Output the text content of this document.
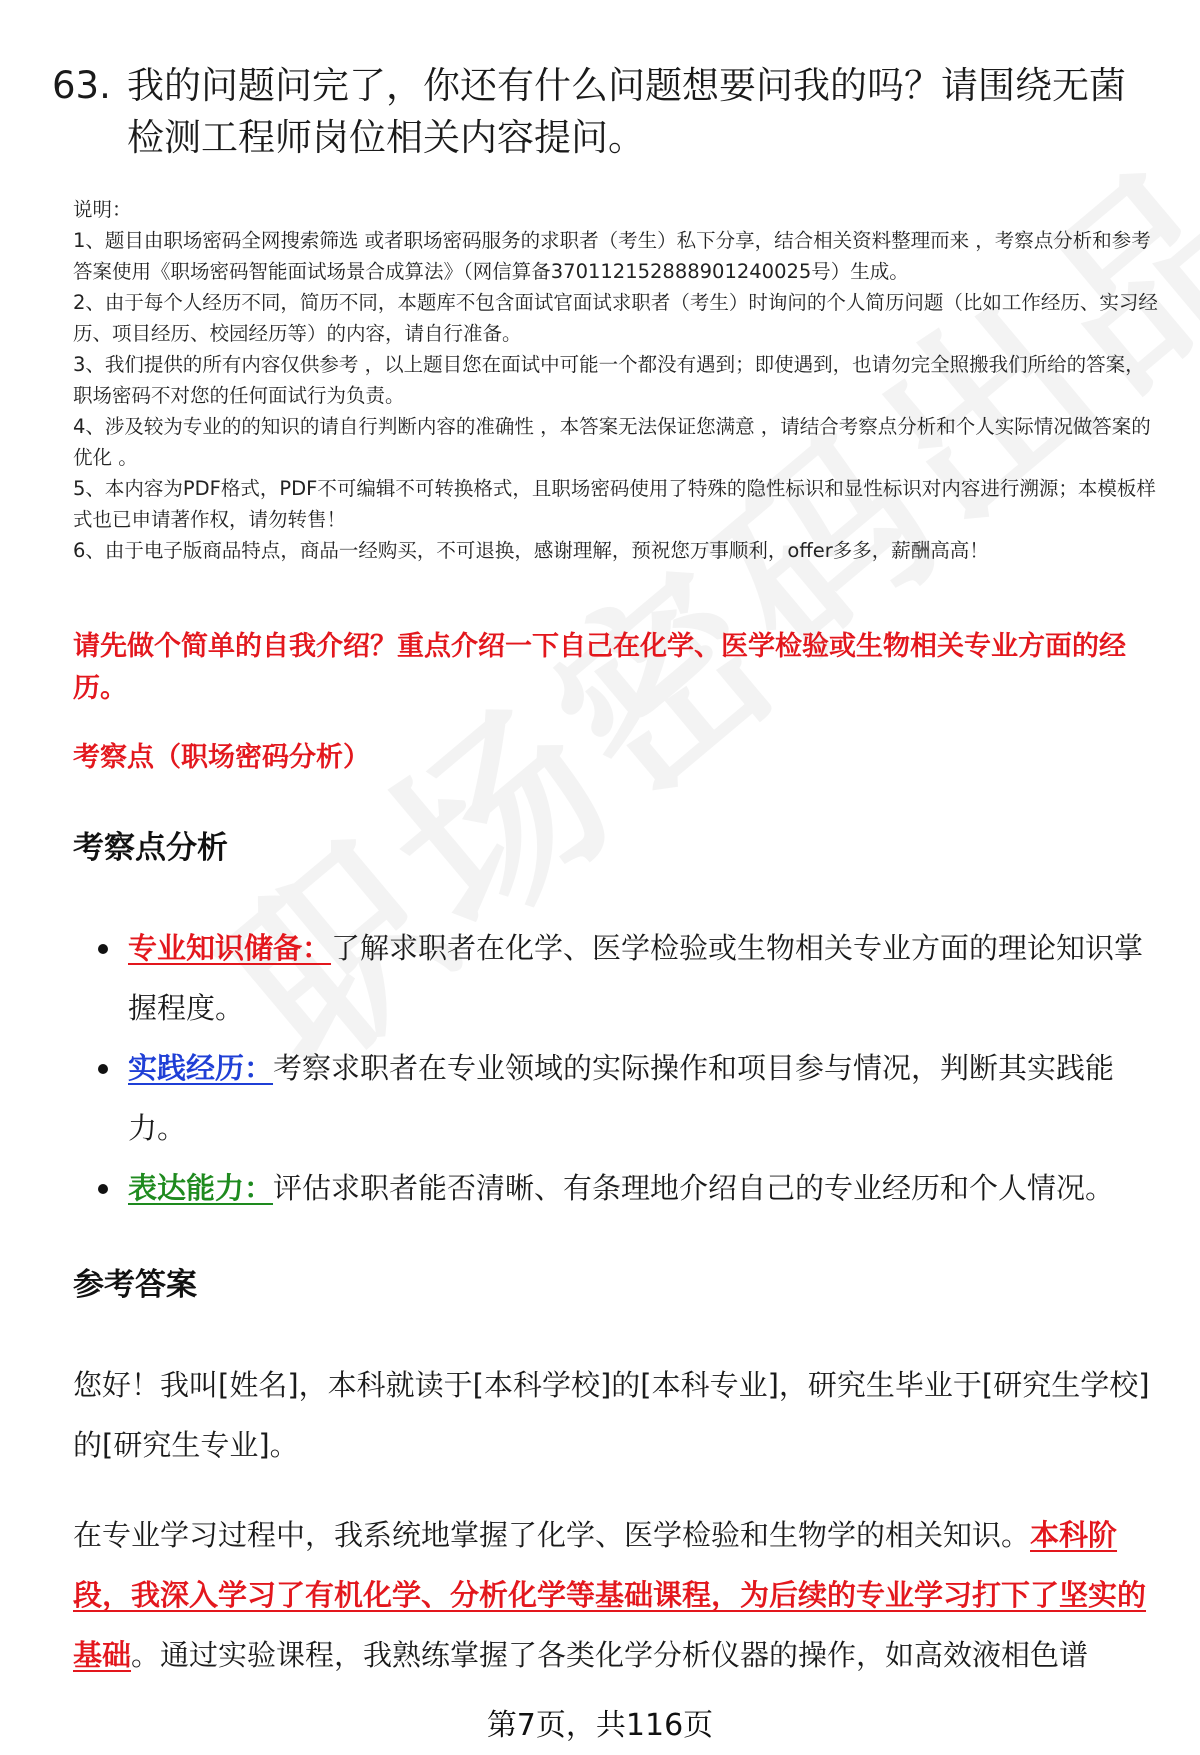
63. 我的问题问完了，你还有什么问题想要问我的吗？请围绕无菌检测工程师岗位相关内容提问。

说明：

1、题目由职场密码全网搜索筛选 或者职场密码服务的求职者（考生）私下分享，结合相关资料整理而来 ，考察点分析和参考答案使用《职场密码智能面试场景合成算法》（网信算备370112152888901240025号）生成。

2、由于每个人经历不同，简历不同，本题库不包含面试官面试求职者（考生）时询问的个人简历问题（比如工作经历、实习经历、项目经历、校园经历等）的内容，请自行准备。

3、我们提供的所有内容仅供参考 ，以上题目您在面试中可能一个都没有遇到；即使遇到，也请勿完全照搬我们所给的答案，职场密码不对您的任何面试行为负责。

4、涉及较为专业的的知识的请自行判断内容的准确性 ，本答案无法保证您满意 ，请结合考察点分析和个人实际情况做答案的优化 。

5、本内容为PDF格式，PDF不可编辑不可转换格式，且职场密码使用了特殊的隐性标识和显性标识对内容进行溯源；本模板样式也已申请著作权，请勿转售！

6、由于电子版商品特点，商品一经购买，不可退换，感谢理解，预祝您万事顺利，offer多多，薪酬高高！

请先做个简单的自我介绍？重点介绍一下自己在化学、医学检验或生物相关专业方面的经历。
考察点（职场密码分析）
考察点分析
专业知识储备：了解求职者在化学、医学检验或生物相关专业方面的理论知识掌握程度。
实践经历：考察求职者在专业领域的实际操作和项目参与情况，判断其实践能力。
表达能力：评估求职者能否清晰、有条理地介绍自己的专业经历和个人情况。
参考答案

您好！我叫[姓名]，本科就读于[本科学校]的[本科专业]，研究生毕业于[研究生学校]的[研究生专业]。

在专业学习过程中，我系统地掌握了化学、医学检验和生物学的相关知识。本科阶段，我深入学习了有机化学、分析化学等基础课程，为后续的专业学习打下了坚实的基础。通过实验课程，我熟练掌握了各类化学分析仪器的操作，如高效液相色谱

第7页，共116页
